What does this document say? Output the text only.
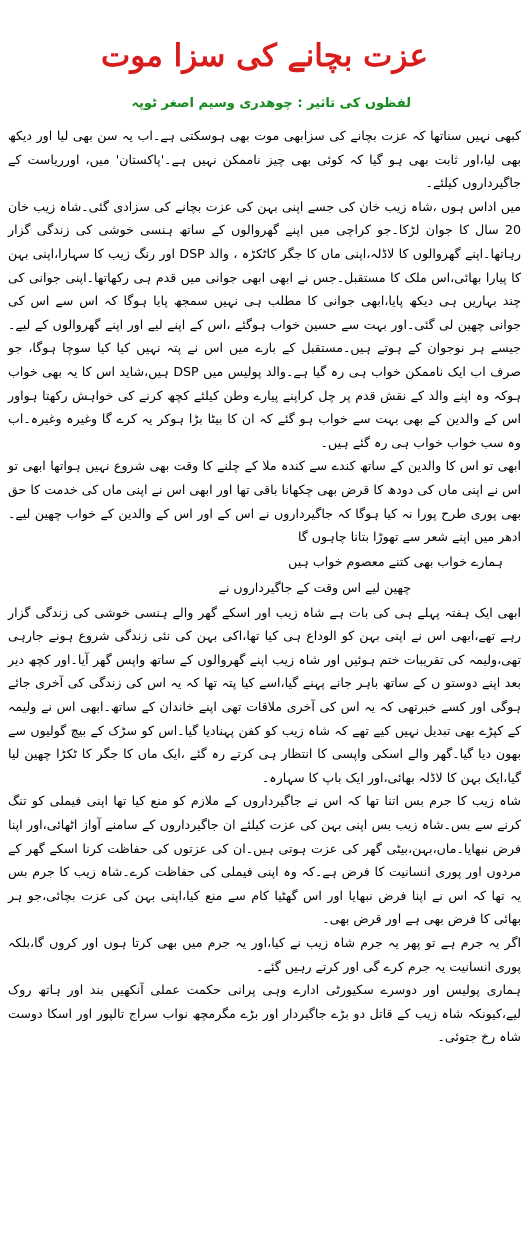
عزت بچانے کی سزا موت
لفظوں کی تاثیر : چوھدری وسیم اصغر ٹوپہ

کبھی نہیں سناتھا کہ عزت بچانے کی سزابھی موت بھی ہوسکتی ہے۔اب یہ سن بھی لیا اور دیکھ بھی لیا،اور ثابت بھی ہو گیا کہ کوئی بھی چیز ناممکن نہیں ہے۔'پاکستان' میں، اورریاست کے جاگیرداروں کیلئے۔

میں اداس ہوں ،شاہ زیب خان کی جسے اپنی بہن کی عزت بچانے کی سزادی گئی۔شاہ زیب خان 20 سال کا جوان لڑکا۔جو کراچی میں اپنے گھروالوں کے ساتھ ہنسی خوشی کی زندگی گزار رہاتھا۔اپنے گھروالوں کا لاڈلہ،اپنی ماں کا جگر کاٹکڑہ ، والد DSP اور رنگ زیب کا سہارا،اپنی بہن کا پیارا بھائی،اس ملک کا مستقبل۔جس نے ابھی ابھی جوانی میں قدم ہی رکھاتھا۔اپنی جوانی کی چند بہاریں ہی دیکھ پایا،ابھی جوانی کا مطلب ہی نہیں سمجھ پایا ہوگا کہ اس سے اس کی جوانی چھین لی گئی۔اور بہت سے حسین خواب ہوگئے ،اس کے اپنے لیے اور اپنے گھروالوں کے لیے۔جیسے ہر نوجوان کے ہوتے ہیں۔مستقبل کے بارے میں اس نے پتہ نہیں کیا کیا سوچا ہوگا، جو صرف اب ایک ناممکن خواب ہی رہ گیا ہے۔والد پولیس میں DSP ہیں،شاید اس کا یہ بھی خواب ہوکہ وہ اپنے والد کے نقش قدم پر چل کراپنے پیارے وطن کیلئے کچھ کرنے کی خواہش رکھتا ہواور اس کے والدین کے بھی بہت سے خواب ہو گئے کہ ان کا بیٹا بڑا ہوکر یہ کرے گا وغیرہ وغیرہ۔اب وہ سب خواب خواب ہی رہ گئے ہیں۔

ابھی تو اس کا والدین کے ساتھ کندے سے کندہ ملا کے چلنے کا وقت بھی شروع نہیں ہواتھا ابھی تو اس نے اپنی ماں کی دودھ کا قرض بھی چکھانا باقی تھا اور ابھی اس نے اپنی ماں کی خدمت کا حق بھی پوری طرح پورا نہ کیا ہوگا کہ جاگیرداروں نے اس کے اور اس کے والدین کے خواب چھین لیے۔ادھر میں اپنے شعر سے تھوڑا بتانا چاہوں گا

ہمارے خواب بھی کتنے معصوم خواب ہیں
چھین لیے اس وقت کے جاگیرداروں نے

ابھی ایک ہفتہ پہلے ہی کی بات ہے شاہ زیب اور اسکے گھر والے ہنسی خوشی کی زندگی گزار رہے تھے،ابھی اس نے اپنی بہن کو الوداع ہی کیا تھا،اکی بہن کی نئی زندگی شروع ہونے جارہی تھی،ولیمہ کی تقریبات ختم ہوئیں اور شاہ زیب اپنے گھروالوں کے ساتھ واپس گھر آیا۔اور کچھ دیر بعد اپنے دوستو ں کے ساتھ باہر جانے پہنے گیا،اسے کیا پتہ تھا کہ یہ اس کی زندگی کی آخری جائے ہوگی اور کسے خبرتھی کہ یہ اس کی آخری ملاقات تھی اپنے خاندان کے ساتھ۔ابھی اس نے ولیمہ کے کپڑے بھی تبدیل نہیں کیے تھے کہ شاہ زیب کو کفن پہنادیا گیا۔اس کو سڑک کے بیچ گولیوں سے بھون دیا گیا۔گھر والے اسکی واپسی کا انتظار ہی کرتے رہ گئے ،ایک ماں کا جگر کا ٹکڑا چھین لیا گیا،ایک بہن کا لاڈلہ بھائی،اور ایک باپ کا سہارہ۔

شاہ زیب کا جرم بس اتنا تھا کہ اس نے جاگیرداروں کے ملازم کو منع کیا تھا اپنی فیملی کو تنگ کرنے سے بس۔شاہ زیب بس اپنی بہن کی عزت کیلئے ان جاگیرداروں کے سامنے آواز اٹھائی،اور اپنا فرض نبھایا۔ماں،بہن،بیٹی گھر کی عزت ہوتی ہیں۔ان کی عزتوں کی حفاظت کرنا اسکے گھر کے مردوں اور پوری انسانیت کا فرض ہے۔کہ وہ اپنی فیملی کی حفاظت کرے۔شاہ زیب کا جرم بس یہ تھا کہ اس نے اپنا فرض نبھایا اور اس گھٹیا کام سے منع کیا،اپنی بہن کی عزت بچائی،جو ہر بھائی کا فرض بھی ہے اور قرض بھی۔

اگر یہ جرم ہے تو پھر یہ جرم شاہ زیب نے کیا،اور یہ جرم میں بھی کرتا ہوں اور کروں گا،بلکہ پوری انسانیت یہ جرم کرے گی اور کرتے رہیں گئے۔

ہماری پولیس اور دوسرے سکیورٹی ادارے وہی پرانی حکمت عملی آنکھیں بند اور ہاتھ روک لیے،کیونکہ شاہ زیب کے قاتل دو بڑے جاگیردار اور بڑے مگرمچھ نواب سراج تالپور اور اسکا دوست شاہ رخ جتوئی۔
